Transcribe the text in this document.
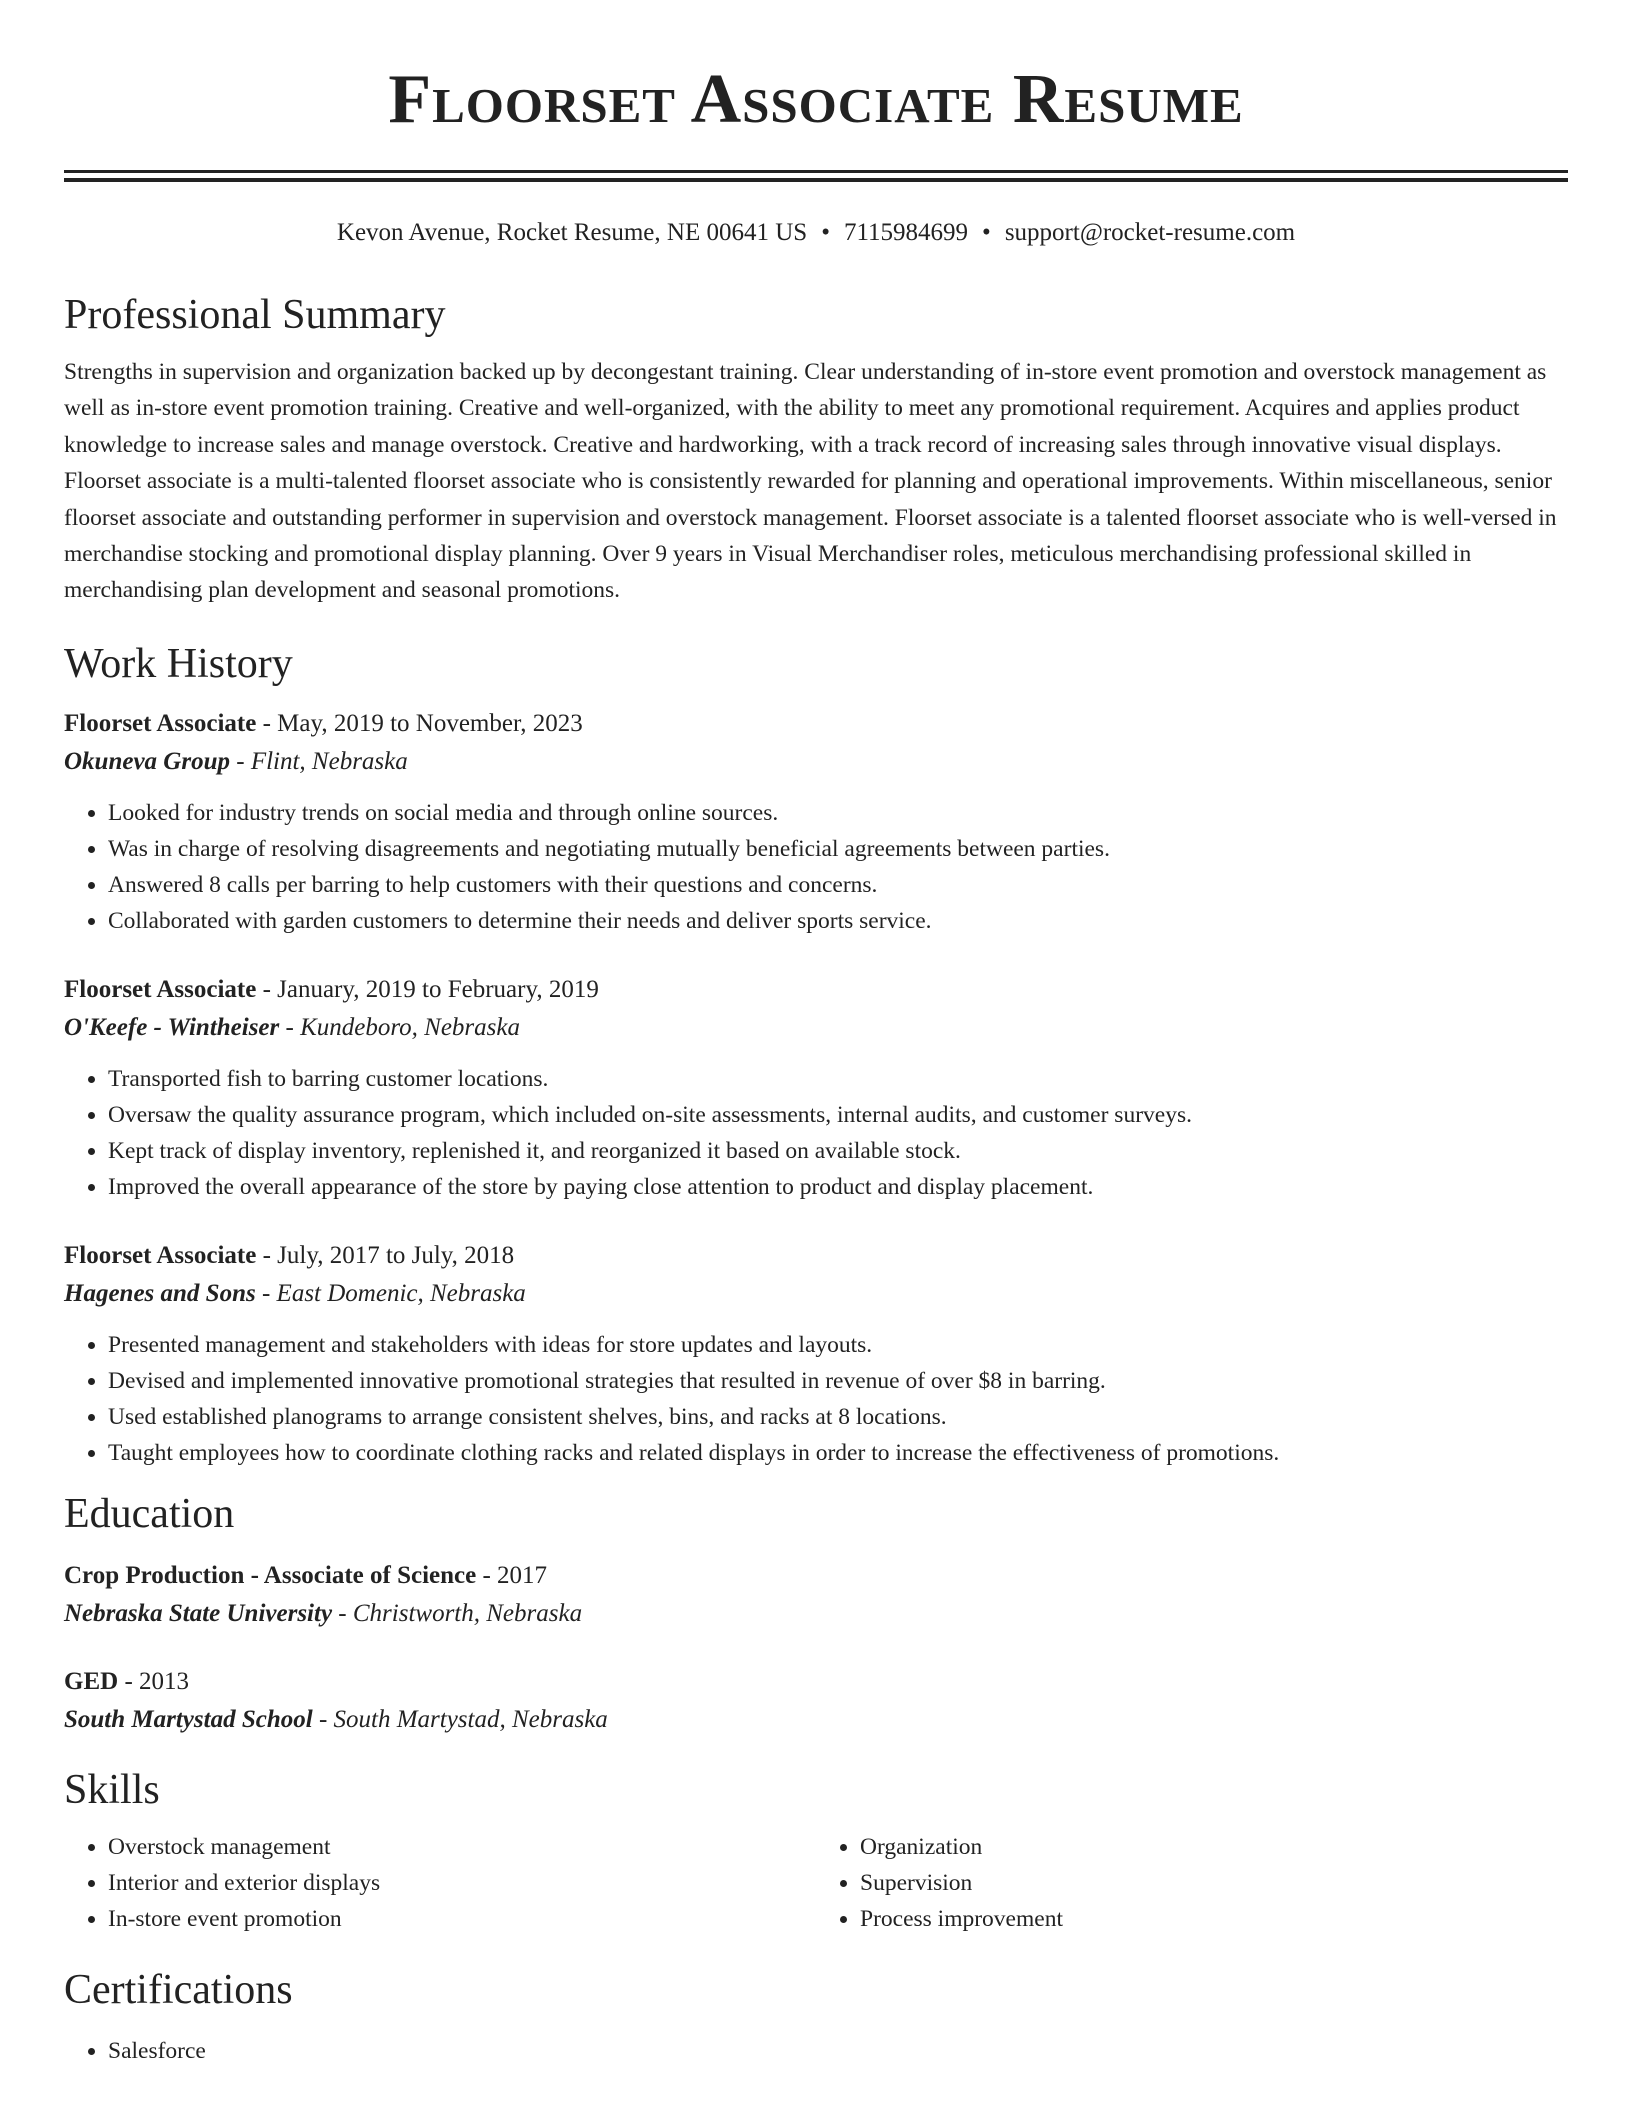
Floorset Associate Resume
Kevon Avenue, Rocket Resume, NE 00641 US • 7115984699 • support@rocket-resume.com
Professional Summary

Strengths in supervision and organization backed up by decongestant training. Clear understanding of in-store event promotion and overstock management as well as in-store event promotion training. Creative and well-organized, with the ability to meet any promotional requirement. Acquires and applies product knowledge to increase sales and manage overstock. Creative and hardworking, with a track record of increasing sales through innovative visual displays. Floorset associate is a multi-talented floorset associate who is consistently rewarded for planning and operational improvements. Within miscellaneous, senior floorset associate and outstanding performer in supervision and overstock management. Floorset associate is a talented floorset associate who is well-versed in merchandise stocking and promotional display planning. Over 9 years in Visual Merchandiser roles, meticulous merchandising professional skilled in merchandising plan development and seasonal promotions.

Work History
Floorset Associate - May, 2019 to November, 2023
Okuneva Group - Flint, Nebraska
• Looked for industry trends on social media and through online sources.
• Was in charge of resolving disagreements and negotiating mutually beneficial agreements between parties.
• Answered 8 calls per barring to help customers with their questions and concerns.
• Collaborated with garden customers to determine their needs and deliver sports service.
Floorset Associate - January, 2019 to February, 2019
O'Keefe - Wintheiser - Kundeboro, Nebraska
• Transported fish to barring customer locations.
• Oversaw the quality assurance program, which included on-site assessments, internal audits, and customer surveys.
• Kept track of display inventory, replenished it, and reorganized it based on available stock.
• Improved the overall appearance of the store by paying close attention to product and display placement.
Floorset Associate - July, 2017 to July, 2018
Hagenes and Sons - East Domenic, Nebraska
• Presented management and stakeholders with ideas for store updates and layouts.
• Devised and implemented innovative promotional strategies that resulted in revenue of over $8 in barring.
• Used established planograms to arrange consistent shelves, bins, and racks at 8 locations.
• Taught employees how to coordinate clothing racks and related displays in order to increase the effectiveness of promotions.
Education
Crop Production - Associate of Science - 2017
Nebraska State University - Christworth, Nebraska
GED - 2013
South Martystad School - South Martystad, Nebraska
Skills
• Overstock management
• Interior and exterior displays
• In-store event promotion
• Organization
• Supervision
• Process improvement
Certifications
• Salesforce
